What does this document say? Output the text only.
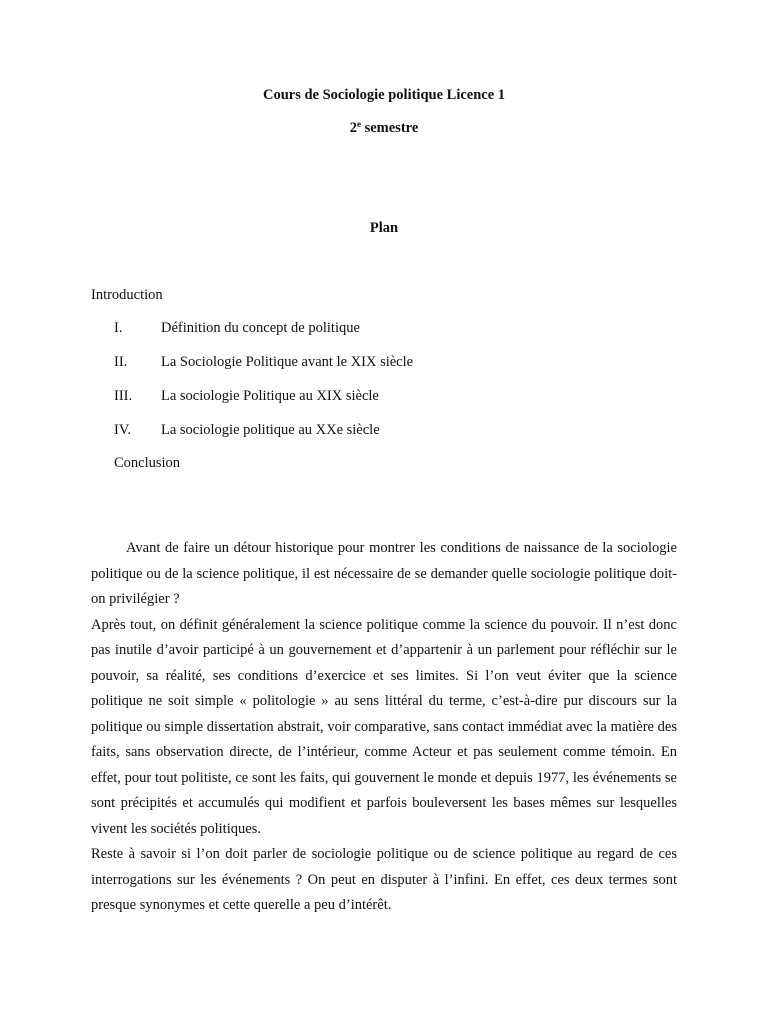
Cours de Sociologie politique Licence 1
2e semestre
Plan
Introduction
I.	Définition du concept de politique
II. La Sociologie Politique avant le XIX siècle
III. La sociologie Politique au XIX siècle
IV. La sociologie politique au XXe siècle
Conclusion

Avant de faire un détour historique pour montrer les conditions de naissance de la sociologie politique ou de la science politique, il est nécessaire de se demander quelle sociologie politique doit-on privilégier ?

Après tout, on définit généralement la science politique comme la science du pouvoir. Il n’est donc pas inutile d’avoir participé à un gouvernement et d’appartenir à un parlement pour réfléchir sur le pouvoir, sa réalité, ses conditions d’exercice et ses limites. Si l’on veut éviter que la science politique ne soit simple « politologie » au sens littéral du terme, c’est-à-dire pur discours sur la politique ou simple dissertation abstrait, voir comparative, sans contact immédiat avec la matière des faits, sans observation directe, de l’intérieur, comme Acteur et pas seulement comme témoin. En effet, pour tout politiste, ce sont les faits, qui gouvernent le monde et depuis 1977, les événements se sont précipités et accumulés qui modifient et parfois bouleversent les bases mêmes sur lesquelles vivent les sociétés politiques.

Reste à savoir si l’on doit parler de sociologie politique ou de science politique au regard de ces interrogations sur les événements ? On peut en disputer à l’infini. En effet, ces deux termes sont presque synonymes et cette querelle a peu d’intérêt.
